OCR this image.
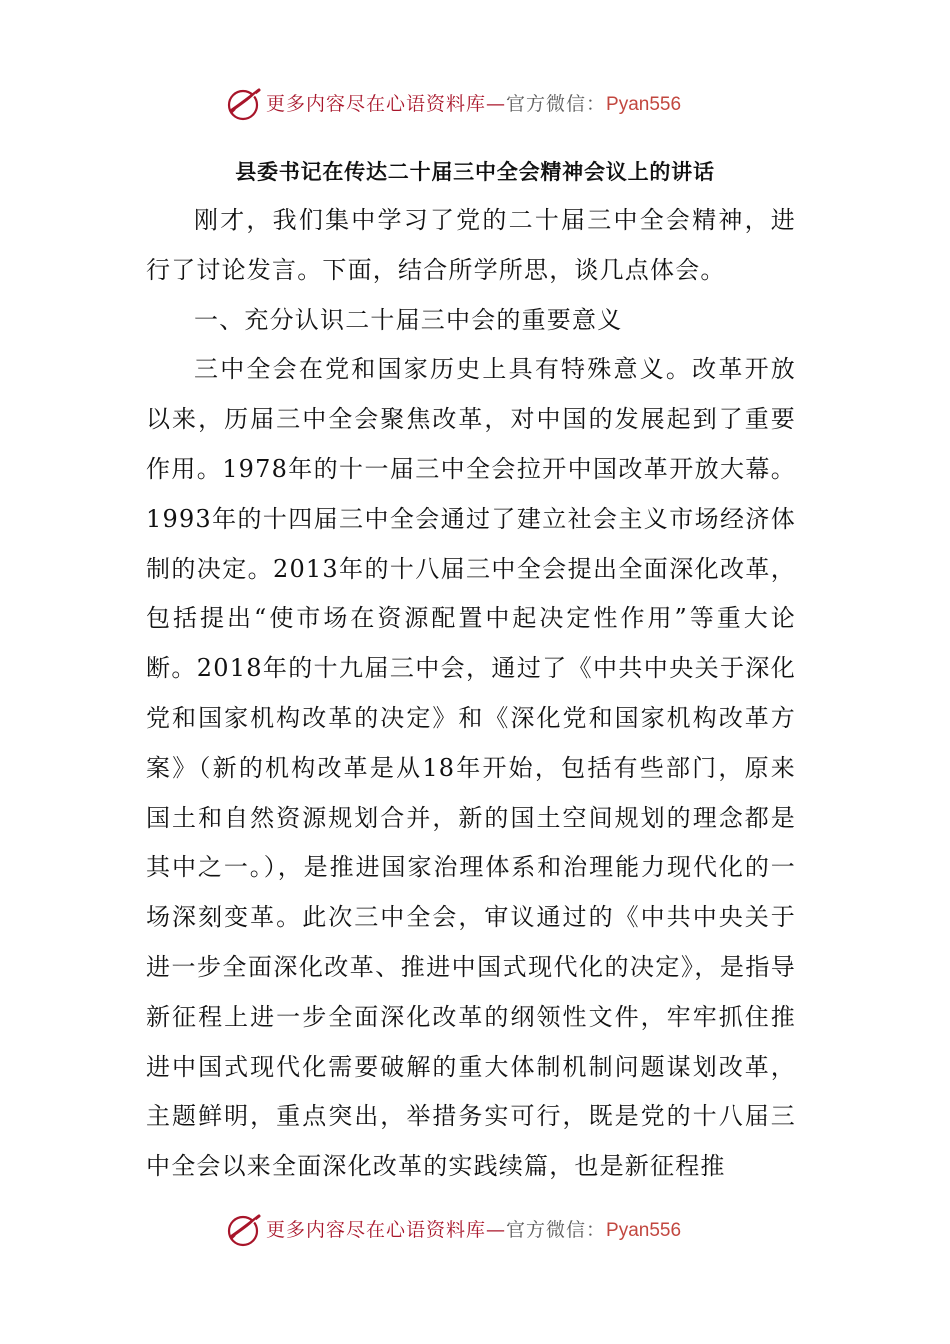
更多内容尽在心语资料库—官方微信：Pyan556
县委书记在传达二十届三中全会精神会议上的讲话

刚才，我们集中学习了党的二十届三中全会精神，进行了讨论发言。下面，结合所学所思，谈几点体会。

一、充分认识二十届三中会的重要意义

三中全会在党和国家历史上具有特殊意义。改革开放以来，历届三中全会聚焦改革，对中国的发展起到了重要作用。1978年的十一届三中全会拉开中国改革开放大幕。1993年的十四届三中全会通过了建立社会主义市场经济体制的决定。2013年的十八届三中全会提出全面深化改革，包括提出“使市场在资源配置中起决定性作用”等重大论断。2018年的十九届三中会，通过了《中共中央关于深化党和国家机构改革的决定》和《深化党和国家机构改革方案》（新的机构改革是从18年开始，包括有些部门，原来国土和自然资源规划合并，新的国土空间规划的理念都是其中之一。），是推进国家治理体系和治理能力现代化的一场深刻变革。此次三中全会，审议通过的《中共中央关于进一步全面深化改革、推进中国式现代化的决定》，是指导新征程上进一步全面深化改革的纲领性文件，牢牢抓住推进中国式现代化需要破解的重大体制机制问题谋划改革，主题鲜明，重点突出，举措务实可行，既是党的十八届三中全会以来全面深化改革的实践续篇，也是新征程推

更多内容尽在心语资料库—官方微信：Pyan556
